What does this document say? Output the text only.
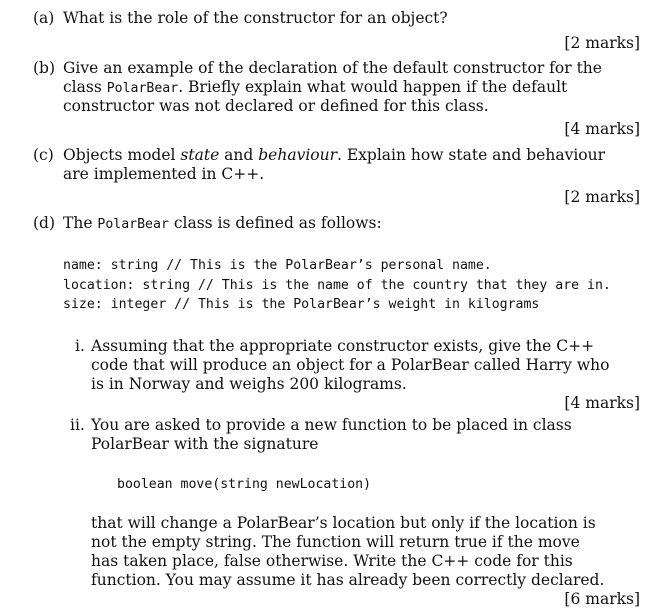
(a) What is the role of the constructor for an object?
[2 marks]
(b) Give an example of the declaration of the default constructor for the
class PolarBear. Briefly explain what would happen if the default
constructor was not declared or defined for this class.
[4 marks]
(c) Objects model state and behaviour. Explain how state and behaviour
are implemented in C++.
[2 marks]
(d) The PolarBear class is defined as follows:
name: string // This is the PolarBear’s personal name.
location: string // This is the name of the country that they are in.
size: integer // This is the PolarBear’s weight in kilograms
i. Assuming that the appropriate constructor exists, give the C++
code that will produce an object for a PolarBear called Harry who
is in Norway and weighs 200 kilograms.
[4 marks]
ii. You are asked to provide a new function to be placed in class
PolarBear with the signature
boolean move(string newLocation)
that will change a PolarBear’s location but only if the location is
not the empty string. The function will return true if the move
has taken place, false otherwise. Write the C++ code for this
function. You may assume it has already been correctly declared.
[6 marks]
